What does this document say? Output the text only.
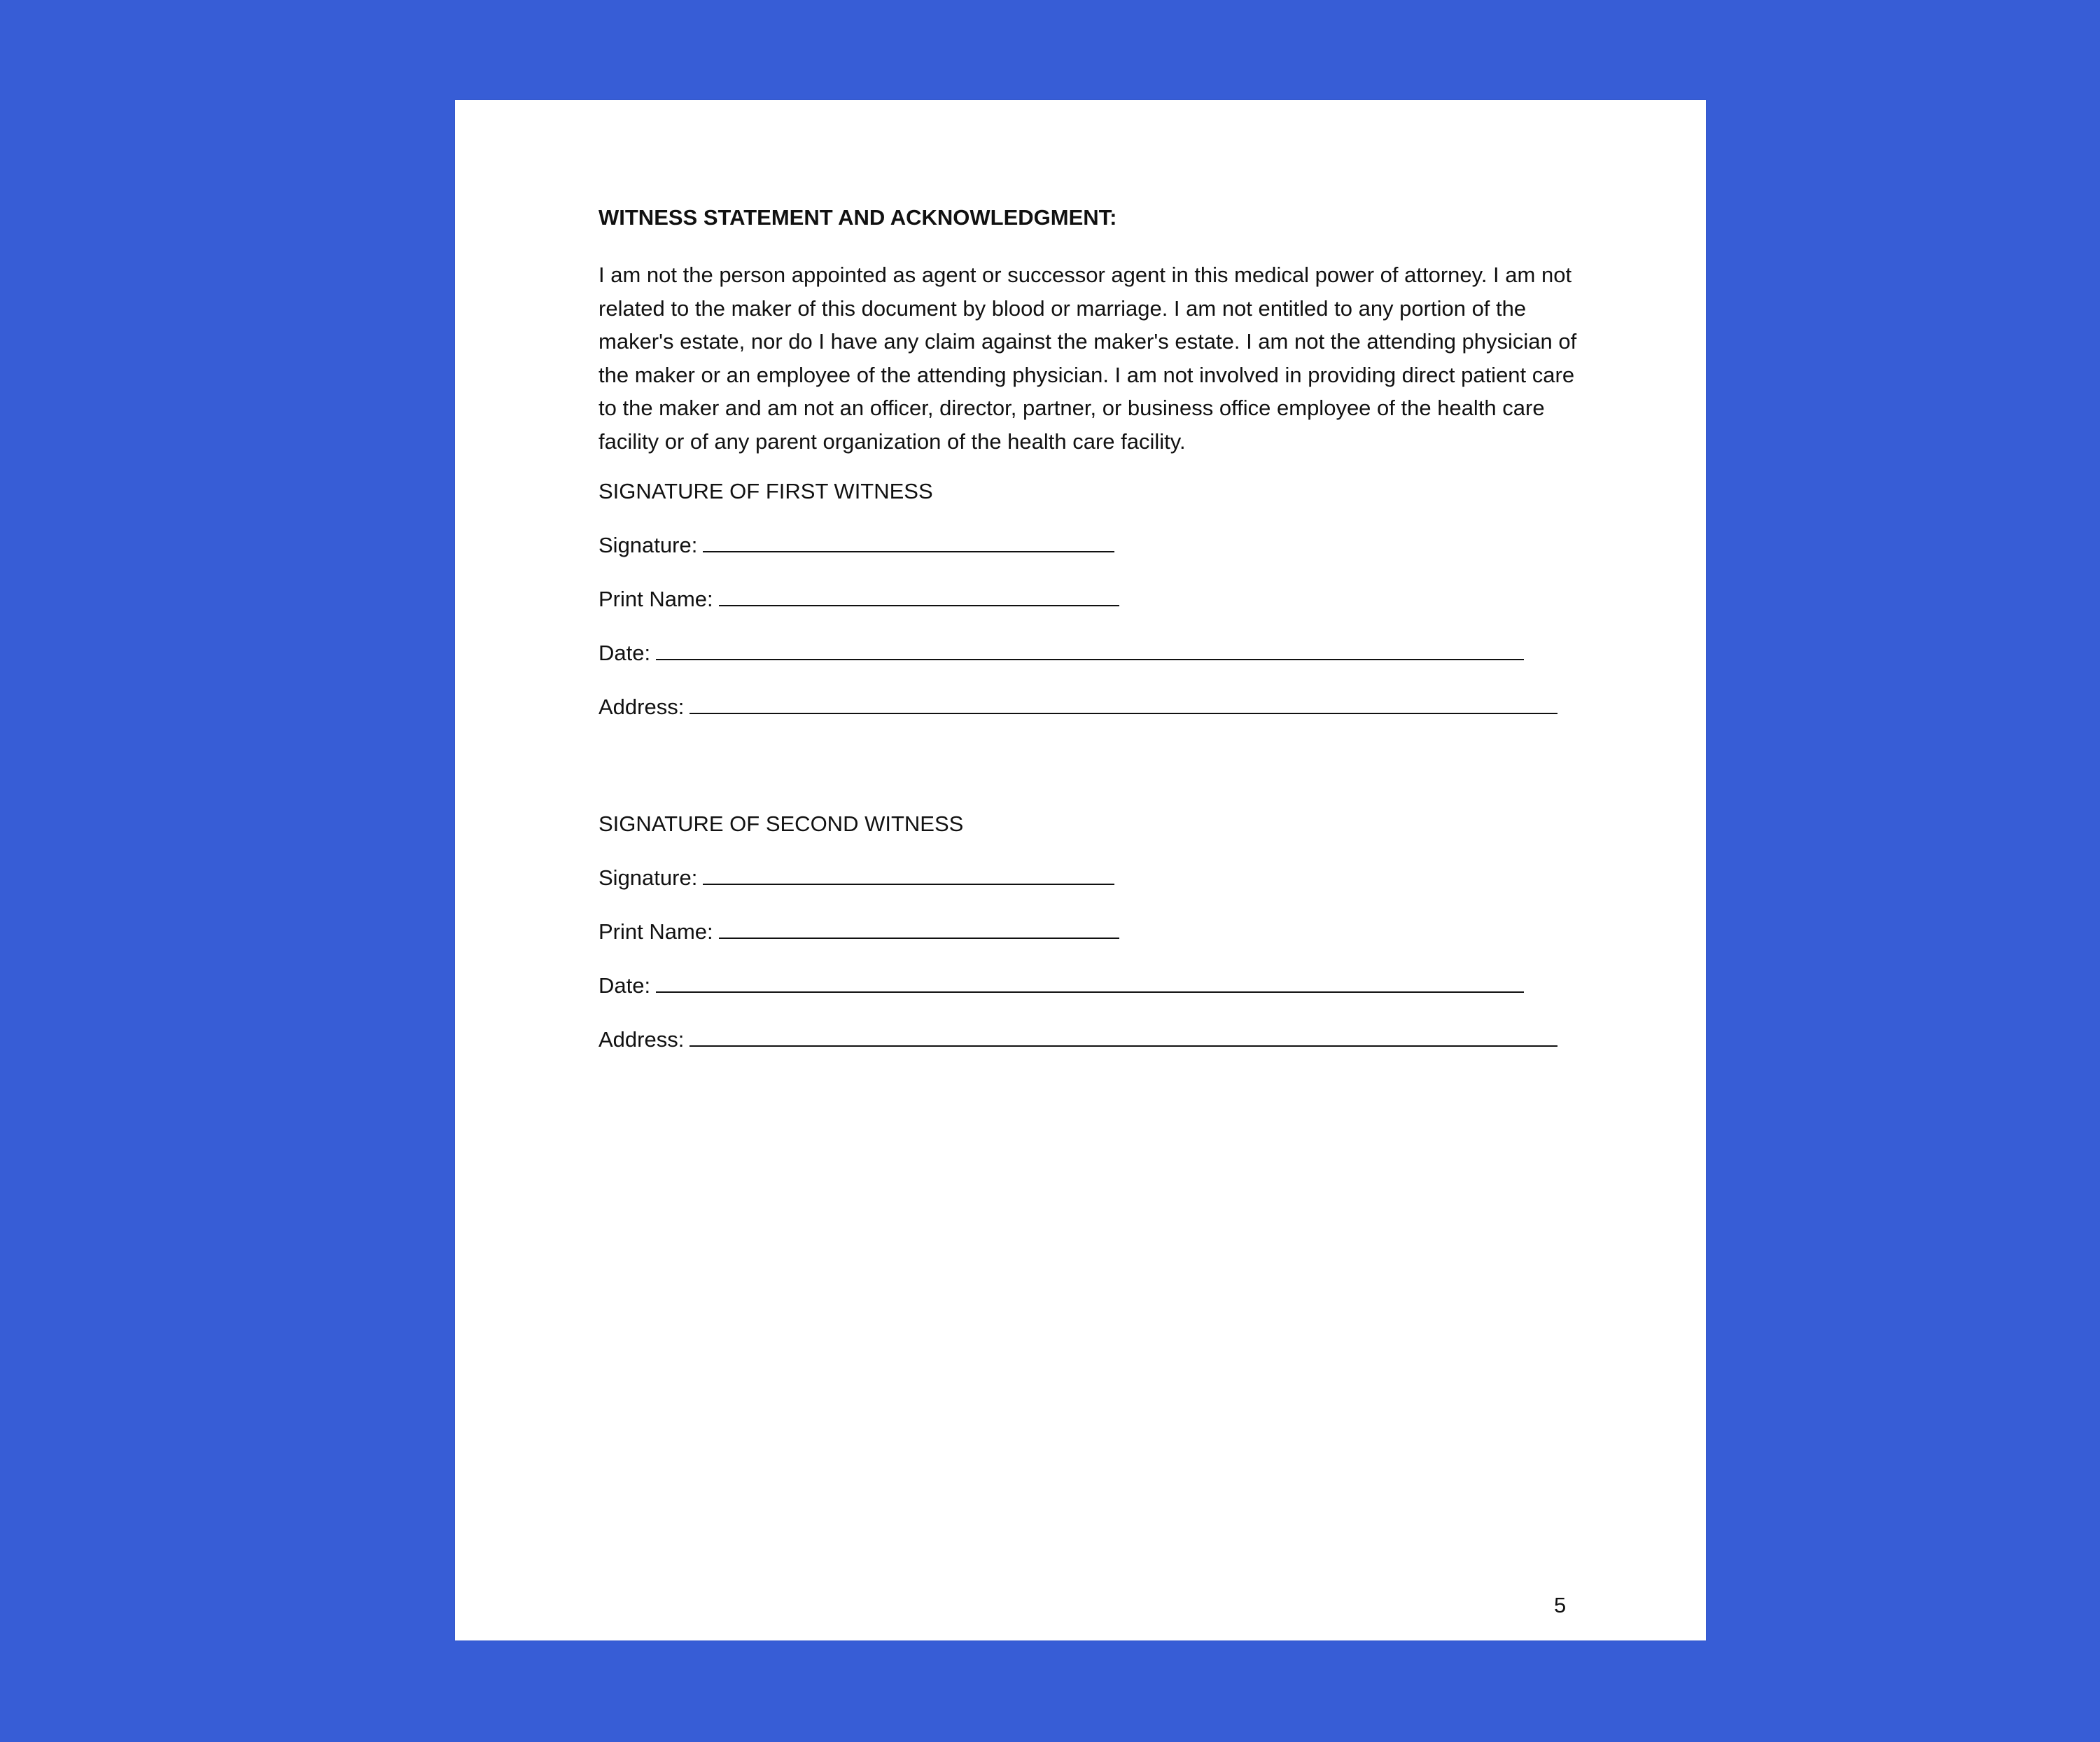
WITNESS STATEMENT AND ACKNOWLEDGMENT:

I am not the person appointed as agent or successor agent in this medical power of attorney. I am not related to the maker of this document by blood or marriage. I am not entitled to any portion of the maker's estate, nor do I have any claim against the maker's estate. I am not the attending physician of the maker or an employee of the attending physician. I am not involved in providing direct patient care to the maker and am not an officer, director, partner, or business office employee of the health care facility or of any parent organization of the health care facility.

SIGNATURE OF FIRST WITNESS

Signature:
Print Name:
Date:
Address:

SIGNATURE OF SECOND WITNESS

Signature:
Print Name:
Date:
Address:
5
